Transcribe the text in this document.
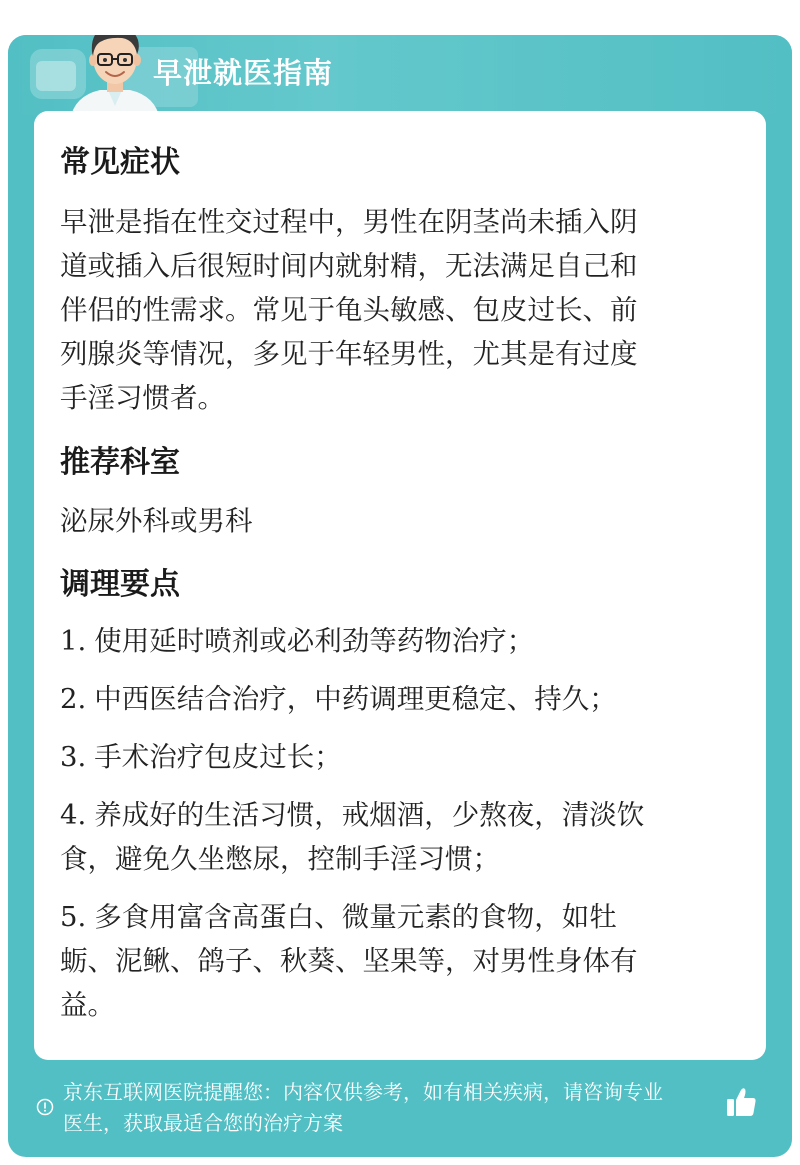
早泄就医指南
常见症状
早泄是指在性交过程中，男性在阴茎尚未插入阴
道或插入后很短时间内就射精，无法满足自己和
伴侣的性需求。常见于龟头敏感、包皮过长、前
列腺炎等情况，多见于年轻男性，尤其是有过度
手淫习惯者。
推荐科室
泌尿外科或男科
调理要点
1. 使用延时喷剂或必利劲等药物治疗；
2. 中西医结合治疗，中药调理更稳定、持久；
3. 手术治疗包皮过长；
4. 养成好的生活习惯，戒烟酒，少熬夜，清淡饮
食，避免久坐憋尿，控制手淫习惯；
5. 多食用富含高蛋白、微量元素的食物，如牡
蛎、泥鳅、鸽子、秋葵、坚果等，对男性身体有
益。
京东互联网医院提醒您：内容仅供参考，如有相关疾病，请咨询专业
医生，获取最适合您的治疗方案
